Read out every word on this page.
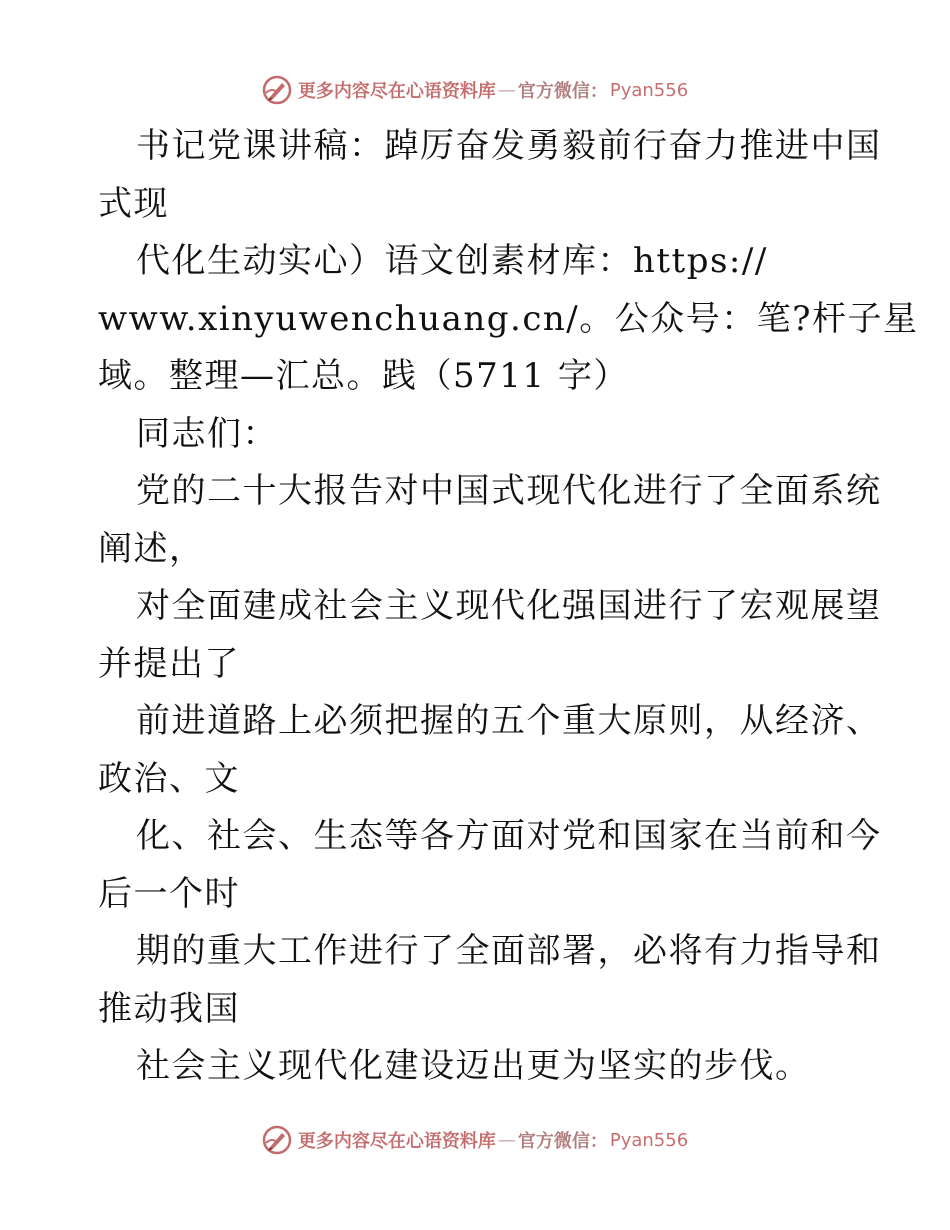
更多内容尽在心语资料库 — 官方微信： Pyan556
书记党课讲稿：踔厉奋发勇毅前行奋力推进中国
式现
代化生动实心）语文创素材库：https://
www.xinyuwenchuang.cn/。公众号：笔?杆子星
域。整理—汇总。践（5711 字）
同志们：
党的二十大报告对中国式现代化进行了全面系统
阐述，
对全面建成社会主义现代化强国进行了宏观展望
并提出了
前进道路上必须把握的五个重大原则，从经济、
政治、文
化、社会、生态等各方面对党和国家在当前和今
后一个时
期的重大工作进行了全面部署，必将有力指导和
推动我国
社会主义现代化建设迈出更为坚实的步伐。
更多内容尽在心语资料库 — 官方微信： Pyan556
